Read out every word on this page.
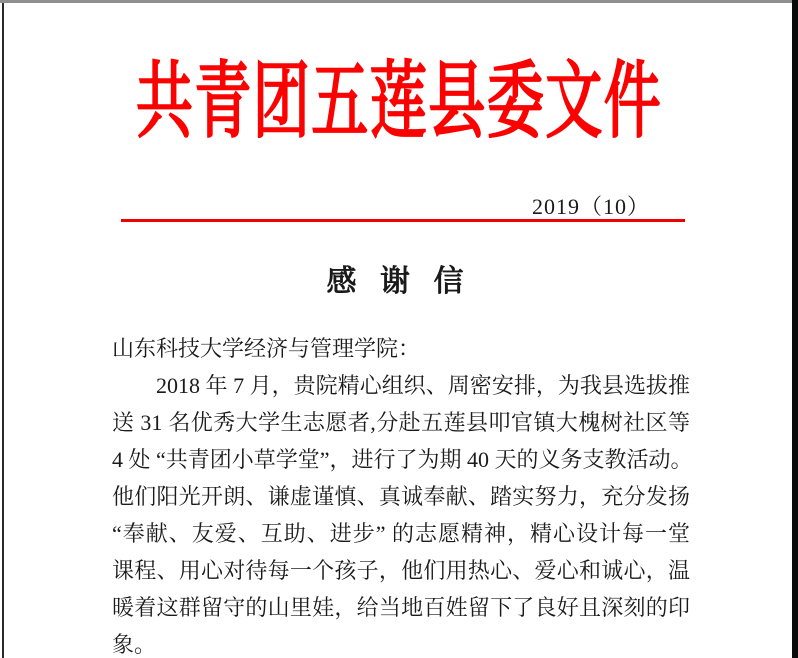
共青团五莲县委文件
2019（10）
感 谢 信
山东科技大学经济与管理学院：
2018 年 7 月，贵院精心组织、周密安排，为我县选拔推
送 31 名优秀大学生志愿者,分赴五莲县叩官镇大槐树社区等
4 处 “共青团小草学堂”，进行了为期 40 天的义务支教活动。
他们阳光开朗、谦虚谨慎、真诚奉献、踏实努力，充分发扬
“奉献、友爱、互助、进步” 的志愿精神，精心设计每一堂
课程、用心对待每一个孩子，他们用热心、爱心和诚心，温
暖着这群留守的山里娃，给当地百姓留下了良好且深刻的印
象。
